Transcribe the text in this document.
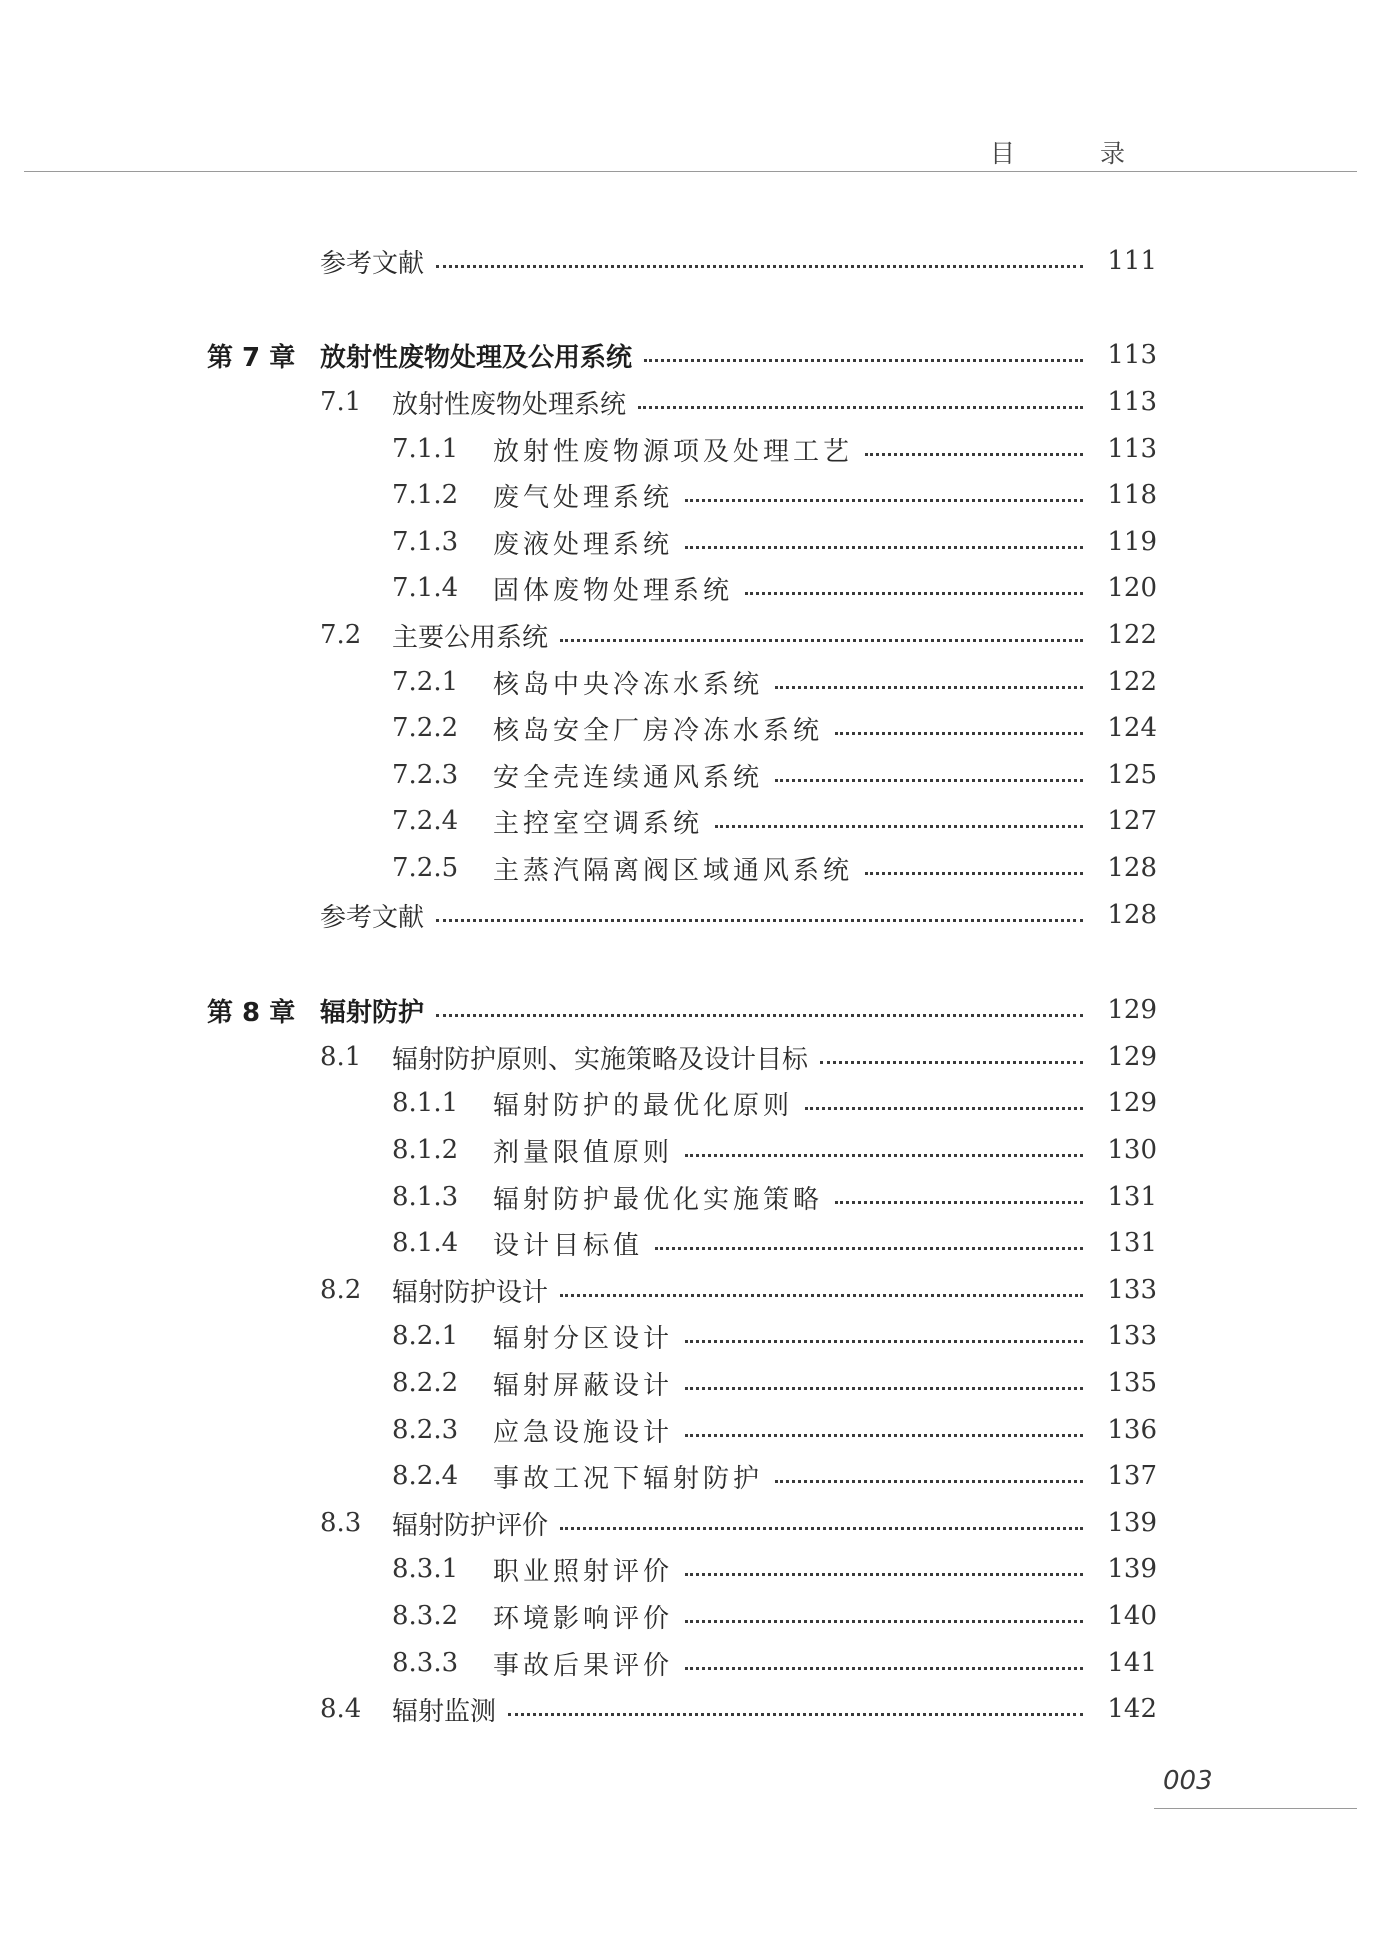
目　录
参考文献	111
第 7 章 放射性废物处理及公用系统	113
7.1 放射性废物处理系统	113
7.1.1 放射性废物源项及处理工艺	113
7.1.2 废气处理系统	118
7.1.3 废液处理系统	119
7.1.4 固体废物处理系统	120
7.2 主要公用系统	122
7.2.1 核岛中央冷冻水系统	122
7.2.2 核岛安全厂房冷冻水系统	124
7.2.3 安全壳连续通风系统	125
7.2.4 主控室空调系统	127
7.2.5 主蒸汽隔离阀区域通风系统	128
参考文献	128
第 8 章 辐射防护	129
8.1 辐射防护原则、实施策略及设计目标	129
8.1.1 辐射防护的最优化原则	129
8.1.2 剂量限值原则	130
8.1.3 辐射防护最优化实施策略	131
8.1.4 设计目标值	131
8.2 辐射防护设计	133
8.2.1 辐射分区设计	133
8.2.2 辐射屏蔽设计	135
8.2.3 应急设施设计	136
8.2.4 事故工况下辐射防护	137
8.3 辐射防护评价	139
8.3.1 职业照射评价	139
8.3.2 环境影响评价	140
8.3.3 事故后果评价	141
8.4 辐射监测	142
003
